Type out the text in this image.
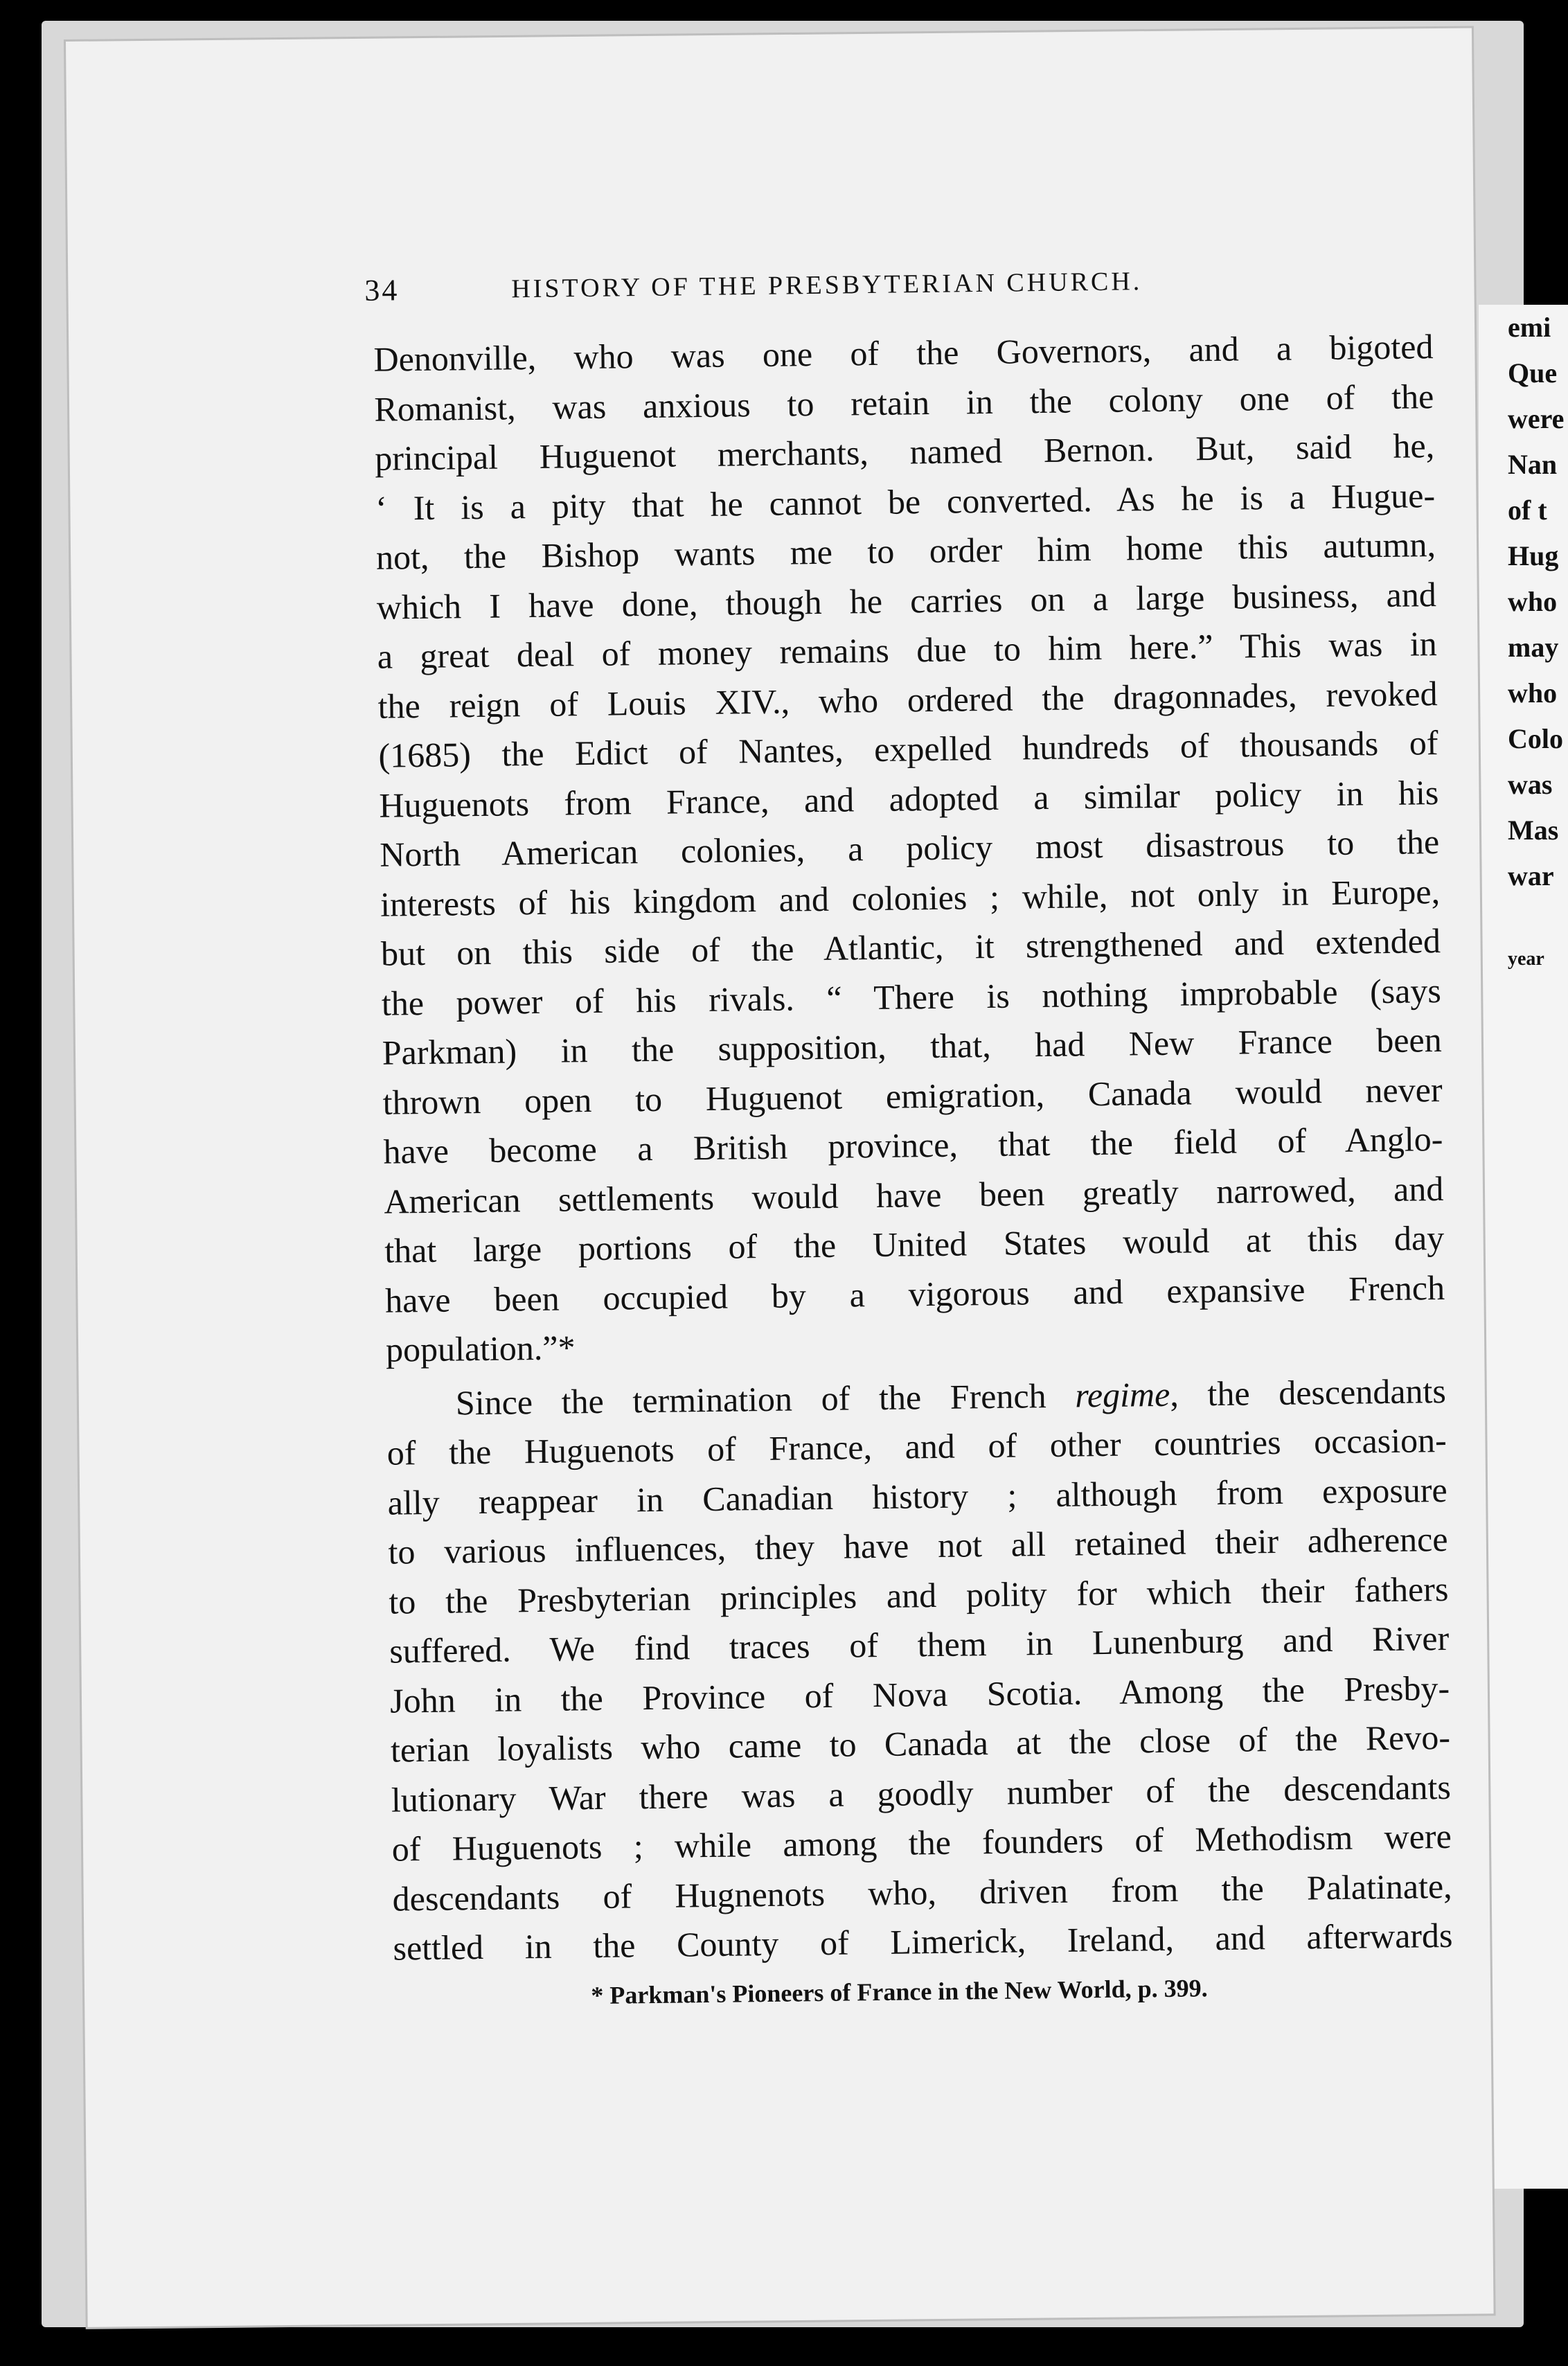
emi

Que

were

Nan

of t

Hug

who

may

who

Colo

was

Mas

war

year

34	HISTORY OF THE PRESBYTERIAN CHURCH.

Denonville, who was one of the Governors, and a bigoted
Romanist, was anxious to retain in the colony one of the
principal Huguenot merchants, named Bernon. But, said he,
‘ It is a pity that he cannot be converted. As he is a Hugue-
not, the Bishop wants me to order him home this autumn,
which I have done, though he carries on a large business, and
a great deal of money remains due to him here.” This was in
the reign of Louis XIV., who ordered the dragonnades, revoked
(1685) the Edict of Nantes, expelled hundreds of thousands of
Huguenots from France, and adopted a similar policy in his
North American colonies, a policy most disastrous to the
interests of his kingdom and colonies ; while, not only in Europe,
but on this side of the Atlantic, it strengthened and extended
the power of his rivals. “ There is nothing improbable (says
Parkman) in the supposition, that, had New France been
thrown open to Huguenot emigration, Canada would never
have become a British province, that the field of Anglo-
American settlements would have been greatly narrowed, and
that large portions of the United States would at this day
have been occupied by a vigorous and expansive French
population.”*

Since the termination of the French regime, the descendants
of the Huguenots of France, and of other countries occasion-
ally reappear in Canadian history ; although from exposure
to various influences, they have not all retained their adherence
to the Presbyterian principles and polity for which their fathers
suffered. We find traces of them in Lunenburg and River
John in the Province of Nova Scotia. Among the Presby-
terian loyalists who came to Canada at the close of the Revo-
lutionary War there was a goodly number of the descendants
of Huguenots ; while among the founders of Methodism were
descendants of Hugnenots who, driven from the Palatinate,
settled in the County of Limerick, Ireland, and afterwards

* Parkman's Pioneers of France in the New World, p. 399.
